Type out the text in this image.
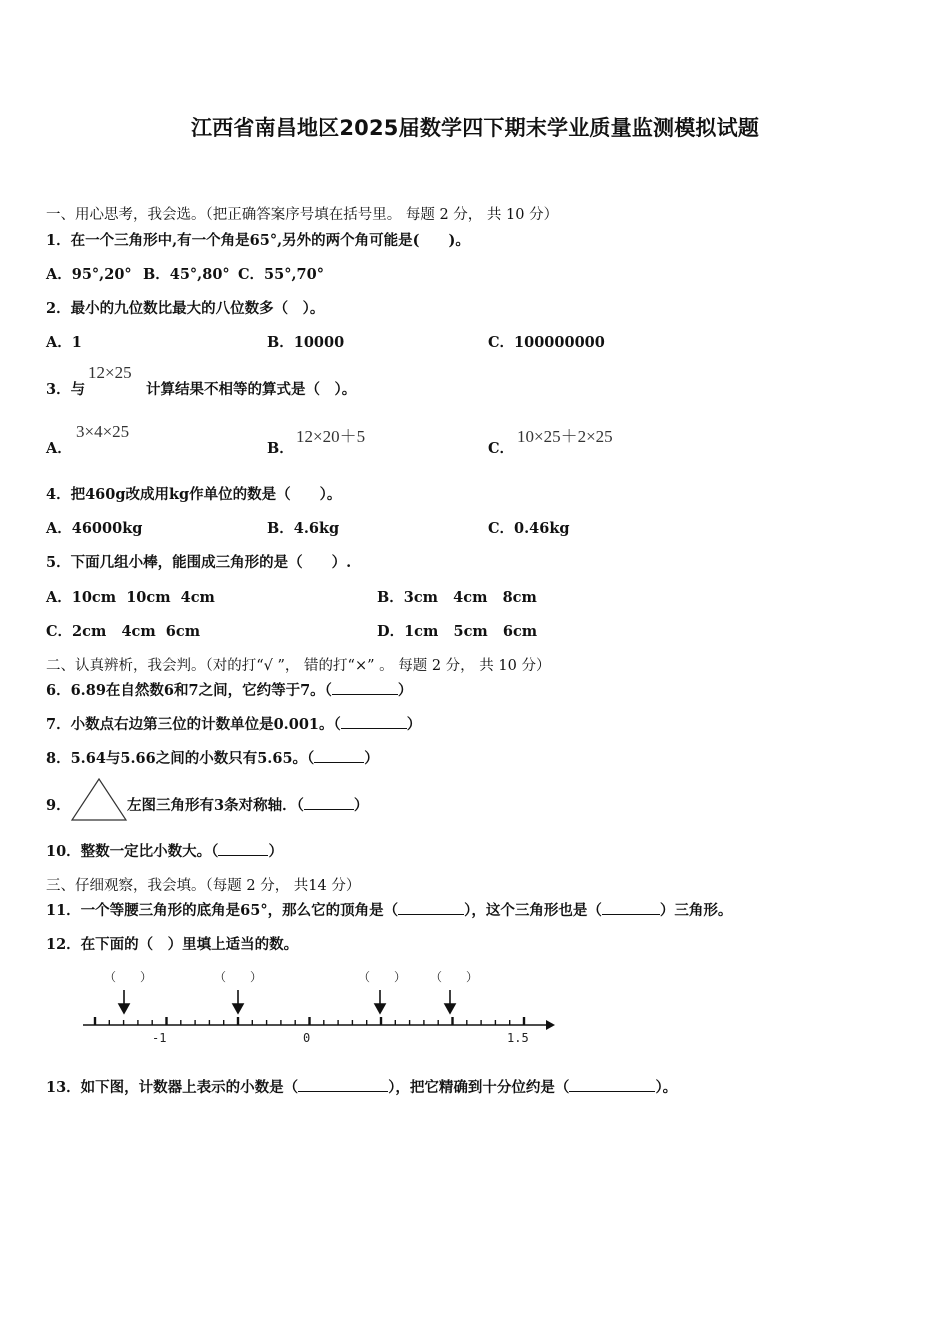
江西省南昌地区2025届数学四下期末学业质量监测模拟试题
一、用心思考，我会选。（把正确答案序号填在括号里。 每题 2 分， 共 10 分）
1．在一个三角形中,有一个角是65°,另外的两个角可能是(　　)。
A．95°,20° B．45°,80° C．55°,70°
2．最小的九位数比最大的八位数多（　）。
A．1	B．10000	C．100000000
3．与
12×25
计算结果不相等的算式是（　）。
A．
3×4×25
B．
12×20＋5
C．
10×25＋2×25
4．把460g改成用kg作单位的数是（　　）。
A．46000kg	B．4.6kg	C．0.46kg
5．下面几组小棒，能围成三角形的是（　　）.
A．10cm  10cm  4cm	B．3cm   4cm   8cm
C．2cm   4cm  6cm	D．1cm   5cm   6cm
二、认真辨析，我会判。（对的打“√ ”， 错的打“×” 。 每题 2 分， 共 10 分）
6．6.89在自然数6和7之间，它约等于7。（	）
7．小数点右边第三位的计数单位是0.001。（	）
8．5.64与5.66之间的小数只有5.65。（	）
9．	左图三角形有3条对称轴．（	）
10．整数一定比小数大。（	）
三、仔细观察，我会填。（每题 2 分， 共14 分）
11．一个等腰三角形的底角是65°，那么它的顶角是（	），这个三角形也是（	）三角形。
12．在下面的（　）里填上适当的数。
（　　）	（　　）	（　　） （　　）
-1	0	1.5
13．如下图，计数器上表示的小数是（	），把它精确到十分位约是（	）。
